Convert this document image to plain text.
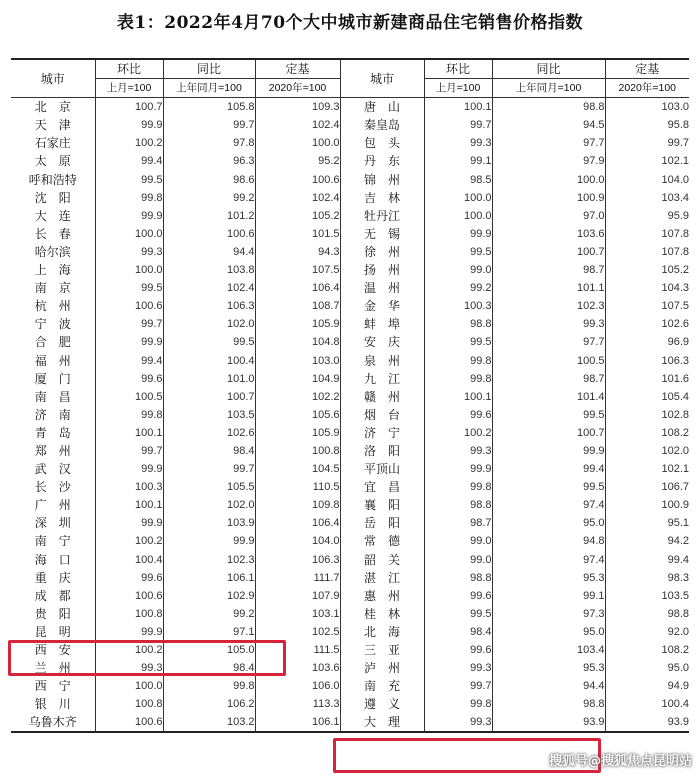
表1：2022年4月70个大中城市新建商品住宅销售价格指数
城市	环比	同比	定基	城市	环比	同比	定基
	上月=100	上年同月=100	2020年=100		上月=100	上年同月=100	2020年=100
北　京	100.7	105.8	109.3	唐　山	100.1	98.8	103.0
天　津	99.9	99.7	102.4	秦皇岛	99.7	94.5	95.8
石家庄	100.2	97.8	100.0	包　头	99.3	97.7	99.7
太　原	99.4	96.3	95.2	丹　东	99.1	97.9	102.1
呼和浩特	99.5	98.6	100.6	锦　州	98.5	100.0	104.0
沈　阳	99.8	99.2	102.4	吉　林	100.0	100.9	103.4
大　连	99.9	101.2	105.2	牡丹江	100.0	97.0	95.9
长　春	100.0	100.6	101.5	无　锡	99.9	103.6	107.8
哈尔滨	99.3	94.4	94.3	徐　州	99.5	100.7	107.8
上　海	100.0	103.8	107.5	扬　州	99.0	98.7	105.2
南　京	99.5	102.4	106.4	温　州	99.2	101.1	104.3
杭　州	100.6	106.3	108.7	金　华	100.3	102.3	107.5
宁　波	99.7	102.0	105.9	蚌　埠	98.8	99.3	102.6
合　肥	99.9	99.5	104.8	安　庆	99.5	97.7	96.9
福　州	99.4	100.4	103.0	泉　州	99.8	100.5	106.3
厦　门	99.6	101.0	104.9	九　江	99.8	98.7	101.6
南　昌	100.5	100.7	102.2	赣　州	100.1	101.4	105.4
济　南	99.8	103.5	105.6	烟　台	99.6	99.5	102.8
青　岛	100.1	102.6	105.9	济　宁	100.2	100.7	108.2
郑　州	99.7	98.4	100.8	洛　阳	99.3	99.9	102.0
武　汉	99.9	99.7	104.5	平顶山	99.9	99.4	102.1
长　沙	100.3	105.5	110.5	宜　昌	99.8	99.5	106.7
广　州	100.1	102.0	109.8	襄　阳	98.8	97.4	100.9
深　圳	99.9	103.9	106.4	岳　阳	98.7	95.0	95.1
南　宁	100.2	99.9	104.0	常　德	99.0	94.8	94.2
海　口	100.4	102.3	106.3	韶　关	99.0	97.4	99.4
重　庆	99.6	106.1	111.7	湛　江	98.8	95.3	98.3
成　都	100.6	102.9	107.9	惠　州	99.6	99.1	103.5
贵　阳	100.8	99.2	103.1	桂　林	99.5	97.3	98.8
昆　明	99.9	97.1	102.5	北　海	98.4	95.0	92.0
西　安	100.2	105.0	111.5	三　亚	99.6	103.4	108.2
兰　州	99.3	98.4	103.6	泸　州	99.3	95.3	95.0
西　宁	100.0	99.8	106.0	南　充	99.7	94.4	94.9
银　川	100.8	106.2	113.3	遵　义	99.8	98.8	100.4
乌鲁木齐	100.6	103.2	106.1	大　理	99.3	93.9	93.9
搜狐号@搜狐焦点昆明站
